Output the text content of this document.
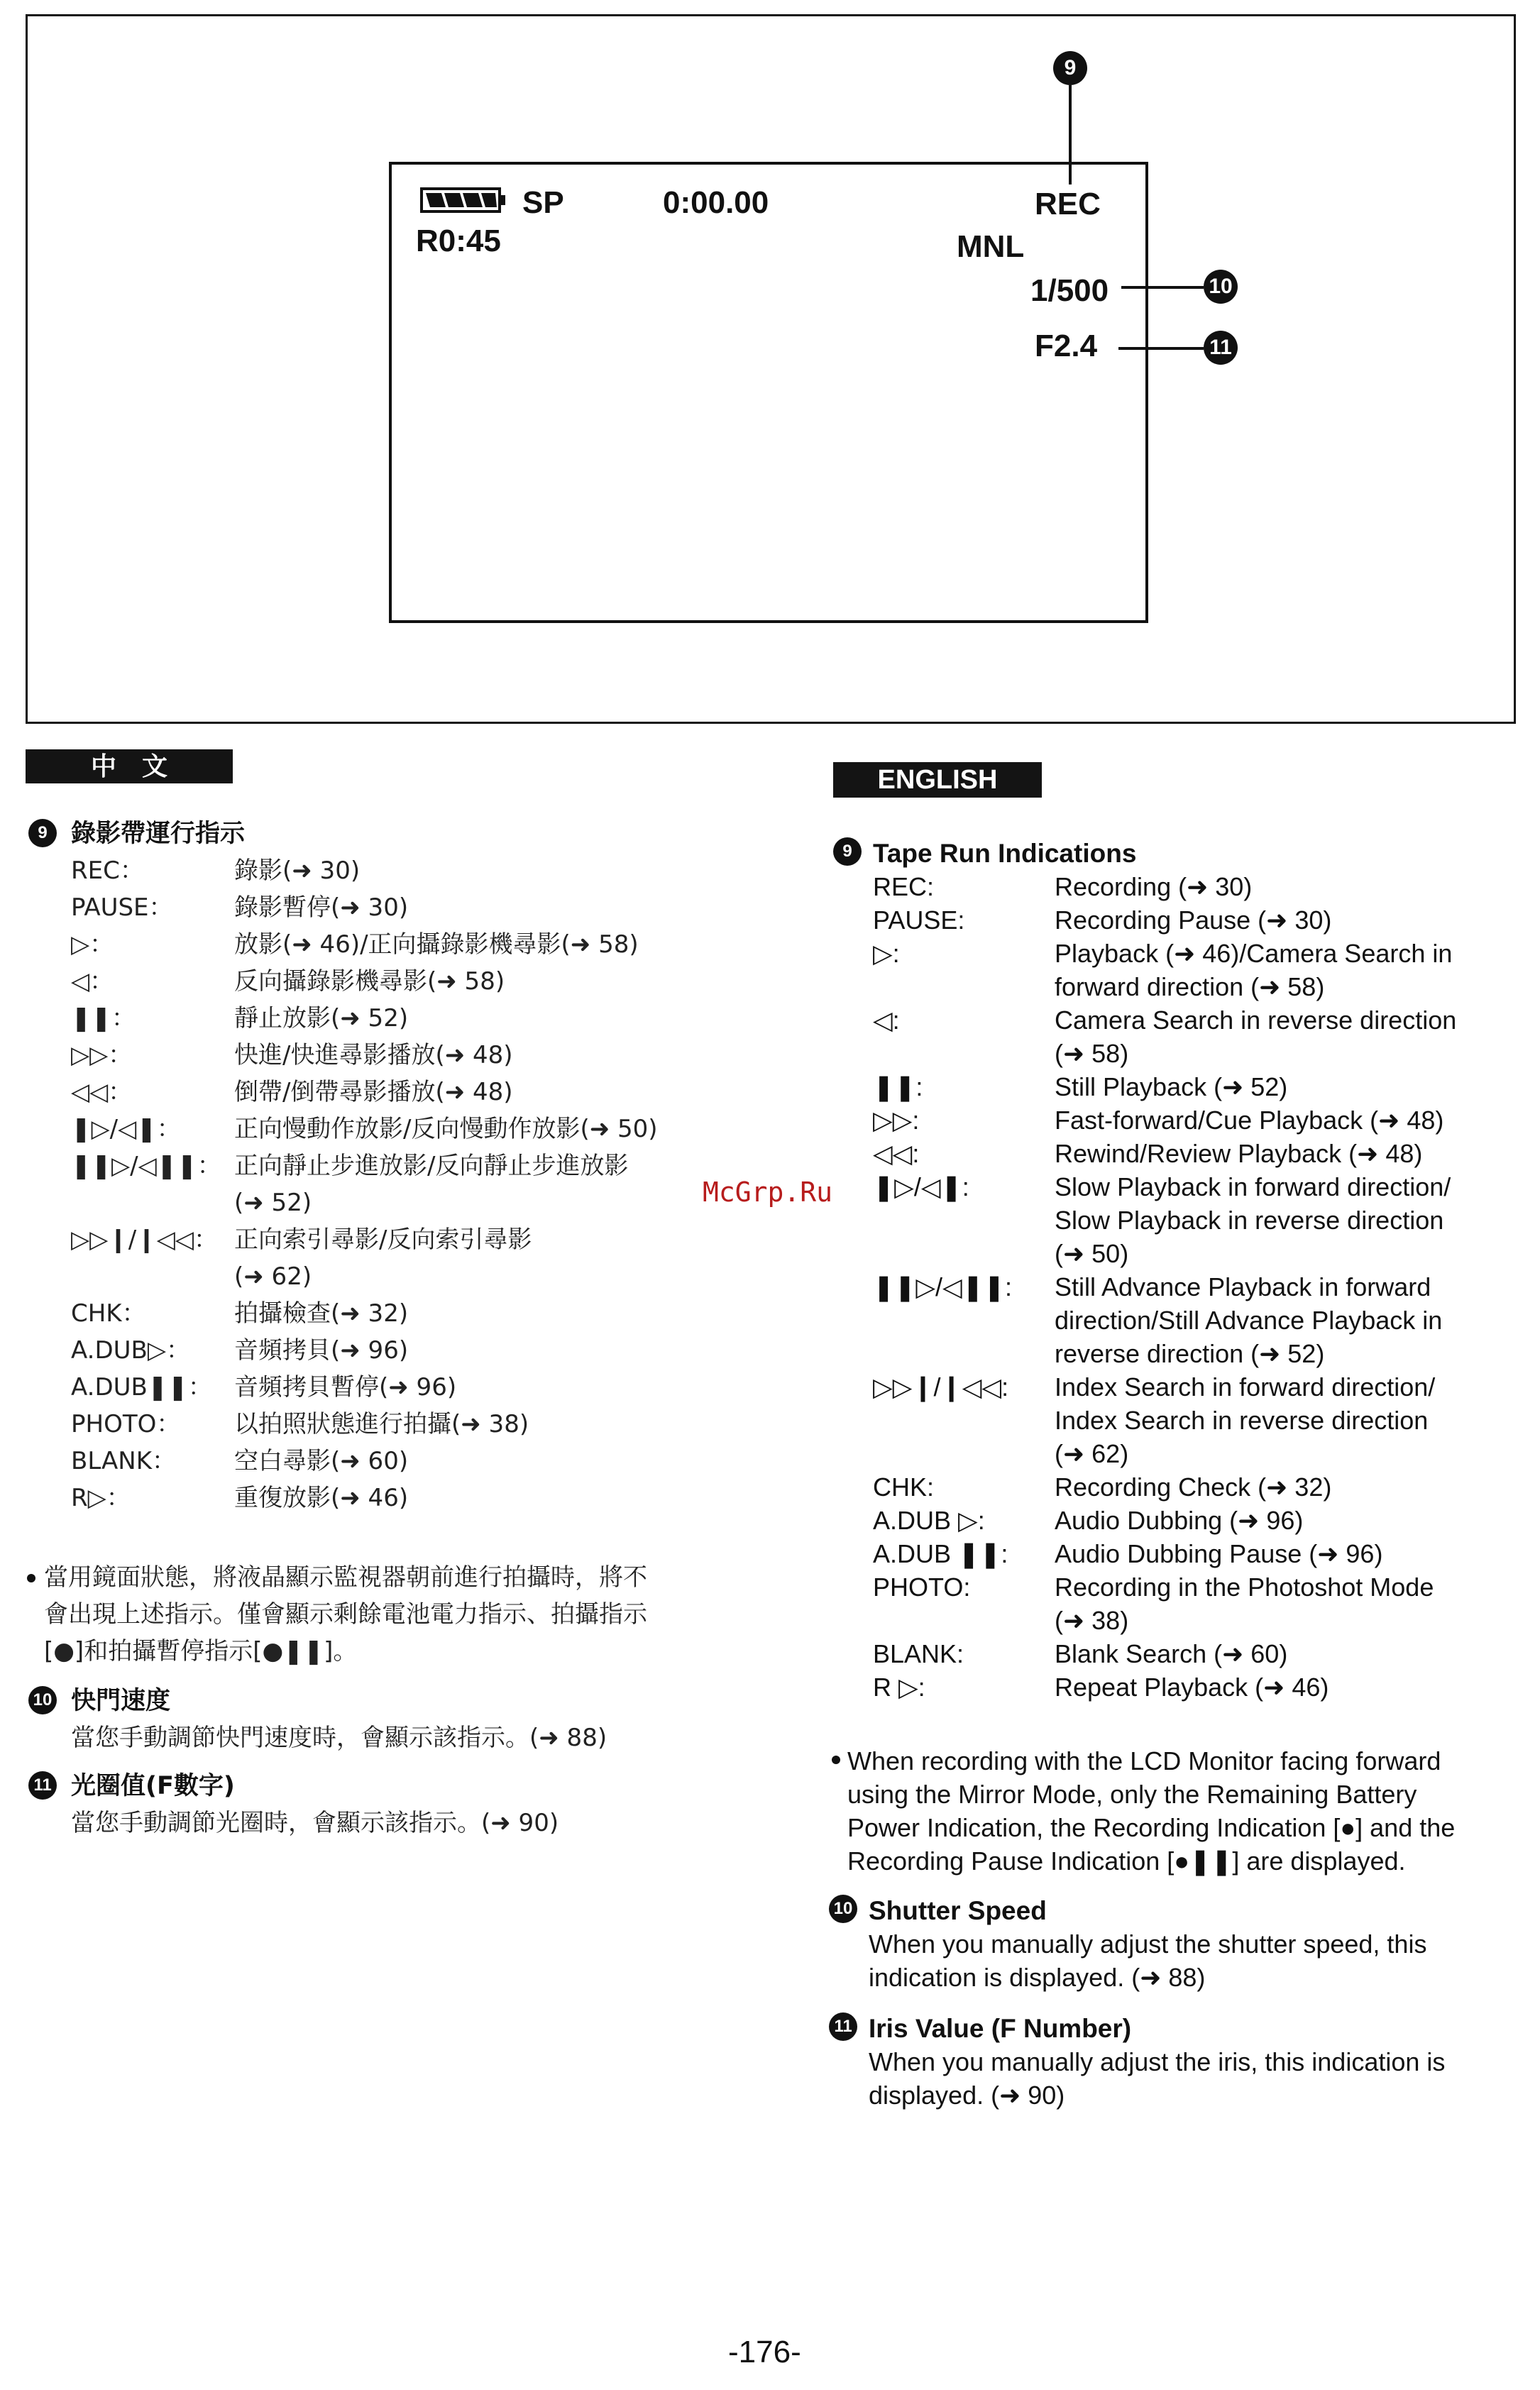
SP	0:00.00
R0:45
REC
MNL
1/500
F2.4
9
10
11
中　文
9 錄影帶運行指示
REC：	錄影(➜ 30)
PAUSE：	錄影暫停(➜ 30)
▷：	放影(➜ 46)/正向攝錄影機尋影(➜ 58)
◁：	反向攝錄影機尋影(➜ 58)
❚❚：	靜止放影(➜ 52)
▷▷：	快進/快進尋影播放(➜ 48)
◁◁：	倒帶/倒帶尋影播放(➜ 48)
❚▷/◁❚： 正向慢動作放影/反向慢動作放影(➜ 50)
❚❚▷/◁❚❚： 正向靜止步進放影/反向靜止步進放影
(➜ 52)
▷▷❙/❙◁◁： 正向索引尋影/反向索引尋影
(➜ 62)
CHK：	拍攝檢查(➜ 32)
A.DUB▷： 音頻拷貝(➜ 96)
A.DUB❚❚： 音頻拷貝暫停(➜ 96)
PHOTO： 以拍照狀態進行拍攝(➜ 38)
BLANK： 空白尋影(➜ 60)
R▷：	重復放影(➜ 46)
當用鏡面狀態，將液晶顯示監視器朝前進行拍攝時，將不
會出現上述指示。僅會顯示剩餘電池電力指示、拍攝指示
[●]和拍攝暫停指示[●❚❚]。
10 快門速度
當您手動調節快門速度時，會顯示該指示。(➜ 88)
11 光圈值(F數字)
當您手動調節光圈時，會顯示該指示。(➜ 90)
McGrp.Ru
ENGLISH
9 Tape Run Indications
REC:	Recording (➜ 30)
PAUSE:	Recording Pause (➜ 30)
▷:	Playback (➜ 46)/Camera Search in
forward direction (➜ 58)
◁:	Camera Search in reverse direction
(➜ 58)
❚❚:	Still Playback (➜ 52)
▷▷:	Fast-forward/Cue Playback (➜ 48)
◁◁:	Rewind/Review Playback (➜ 48)
❚▷/◁❚:	Slow Playback in forward direction/
Slow Playback in reverse direction
(➜ 50)
❚❚▷/◁❚❚: Still Advance Playback in forward
direction/Still Advance Playback in
reverse direction (➜ 52)
▷▷❙/❙◁◁: Index Search in forward direction/
Index Search in reverse direction
(➜ 62)
CHK:	Recording Check (➜ 32)
A.DUB ▷:	Audio Dubbing (➜ 96)
A.DUB ❚❚: Audio Dubbing Pause (➜ 96)
PHOTO:	Recording in the Photoshot Mode
(➜ 38)
BLANK:	Blank Search (➜ 60)
R ▷:	Repeat Playback (➜ 46)
When recording with the LCD Monitor facing forward
using the Mirror Mode, only the Remaining Battery
Power Indication, the Recording Indication [●] and the
Recording Pause Indication [●❚❚] are displayed.
10 Shutter Speed
When you manually adjust the shutter speed, this
indication is displayed. (➜ 88)
11 Iris Value (F Number)
When you manually adjust the iris, this indication is
displayed. (➜ 90)
-176-
